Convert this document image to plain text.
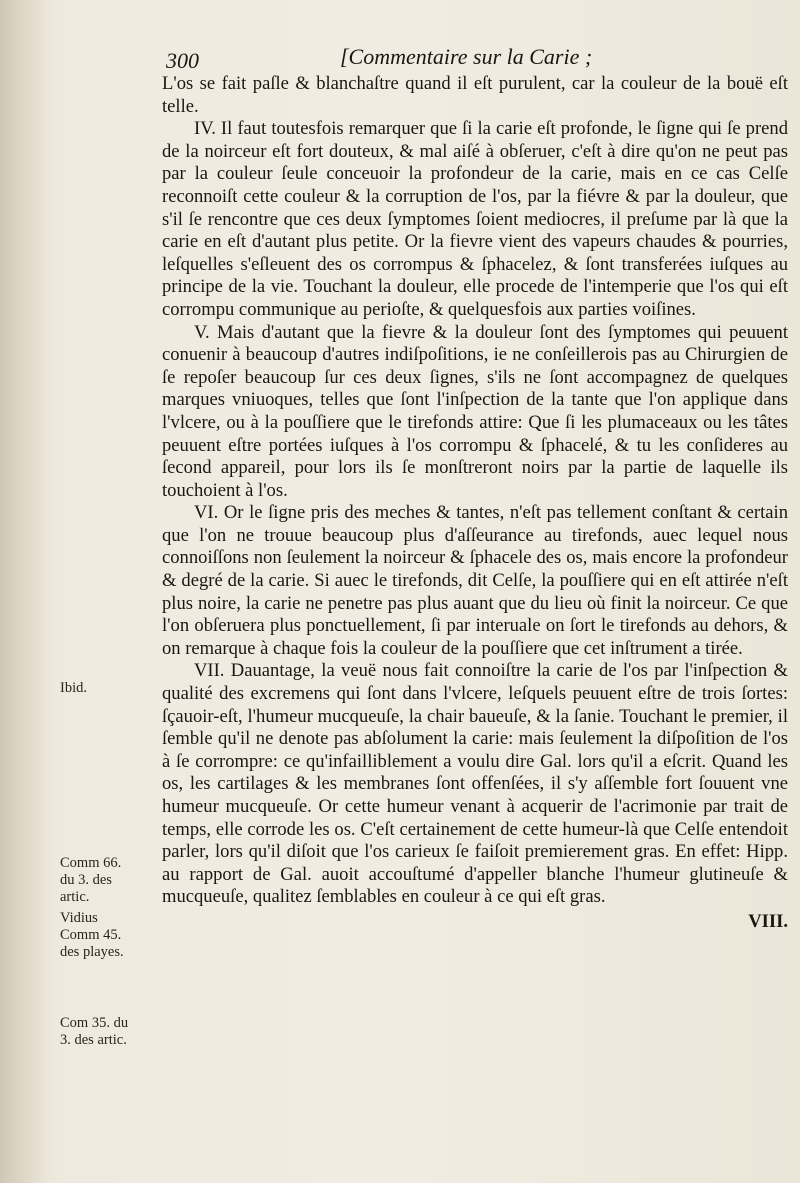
300	[Commentaire sur la Carie ;

L'os se fait paſle & blanchaſtre quand il eſt purulent, car la couleur de la bouë eſt telle.

IV. Il faut toutesfois remarquer que ſi la carie eſt profonde, le ſigne qui ſe prend de la noirceur eſt fort douteux, & mal aiſé à obſeruer, c'eſt à dire qu'on ne peut pas par la couleur ſeule conceuoir la profondeur de la carie, mais en ce cas Celſe reconnoiſt cette couleur & la corruption de l'os, par la fiévre & par la douleur, que s'il ſe rencontre que ces deux ſymptomes ſoient mediocres, il preſume par là que la carie en eſt d'autant plus petite. Or la fievre vient des vapeurs chaudes & pourries, leſquelles s'eſleuent des os corrompus & ſphacelez, & ſont transferées iuſques au principe de la vie. Touchant la douleur, elle procede de l'intemperie que l'os qui eſt corrompu communique au perioſte, & quelquesfois aux parties voiſines.

V. Mais d'autant que la fievre & la douleur ſont des ſymptomes qui peuuent conuenir à beaucoup d'autres indiſpoſitions, ie ne conſeillerois pas au Chirurgien de ſe repoſer beaucoup ſur ces deux ſignes, s'ils ne ſont accompagnez de quelques marques vniuoques, telles que ſont l'inſpection de la tante que l'on applique dans l'vlcere, ou à la pouſſiere que le tirefonds attire: Que ſi les plumaceaux ou les tâtes peuuent eſtre portées iuſques à l'os corrompu & ſphacelé, & tu les conſideres au ſecond appareil, pour lors ils ſe monſtreront noirs par la partie de laquelle ils touchoient à l'os.

VI. Or le ſigne pris des meches & tantes, n'eſt pas tellement conſtant & certain que l'on ne trouue beaucoup plus d'aſſeurance au tirefonds, auec lequel nous connoiſſons non ſeulement la noirceur & ſphacele des os, mais encore la profondeur & degré de la carie. Si auec le tirefonds, dit Celſe, la pouſſiere qui en eſt attirée n'eſt plus noire, la carie ne penetre pas plus auant que du lieu où finit la noirceur. Ce que l'on obſeruera plus ponctuellement, ſi par interuale on ſort le tirefonds au dehors, & on remarque à chaque fois la couleur de la pouſſiere que cet inſtrument a tirée.

VII. Dauantage, la veuë nous fait connoiſtre la carie de l'os par l'inſpection & qualité des excremens qui ſont dans l'vlcere, leſquels peuuent eſtre de trois ſortes: ſçauoir-eſt, l'humeur mucqueuſe, la chair baueuſe, & la ſanie. Touchant le premier, il ſemble qu'il ne denote pas abſolument la carie: mais ſeulement la diſpoſition de l'os à ſe corrompre: ce qu'infailliblement a voulu dire Gal. lors qu'il a eſcrit. Quand les os, les cartilages & les membranes ſont offenſées, il s'y aſſemble fort ſouuent vne humeur mucqueuſe. Or cette humeur venant à acquerir de l'acrimonie par trait de temps, elle corrode les os. C'eſt certainement de cette humeur-là que Celſe entendoit parler, lors qu'il diſoit que l'os carieux ſe faiſoit premierement gras. En effet: Hipp. au rapport de Gal. auoit accouſtumé d'appeller blanche l'humeur glutineuſe & mucqueuſe, qualitez ſemblables en couleur à ce qui eſt gras.

VIII.
Ibid.
Comm 66.
du 3. des
artic.
Vidius
Comm 45.
des playes.
Com 35. du
3. des artic.
